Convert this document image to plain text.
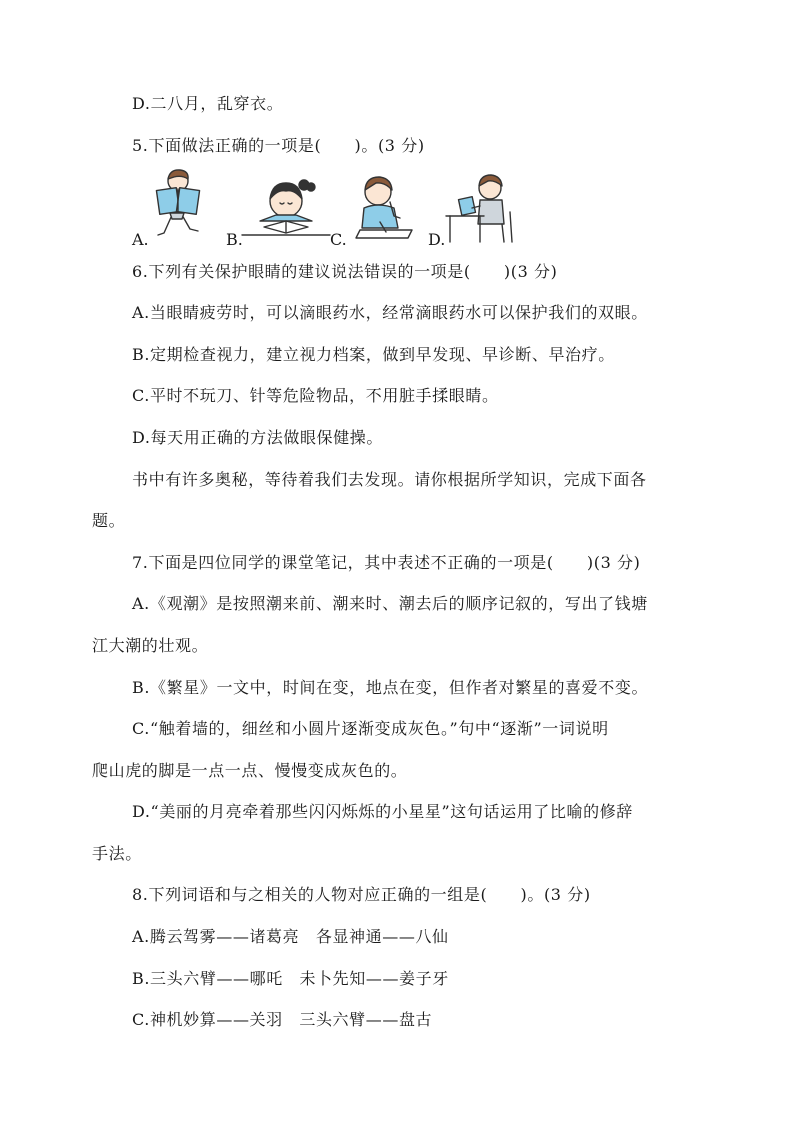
D.二八月，乱穿衣。
5.下面做法正确的一项是(　　)。(3 分)
A.	B.	C.	D.
6.下列有关保护眼睛的建议说法错误的一项是(　　)(3 分)
A.当眼睛疲劳时，可以滴眼药水，经常滴眼药水可以保护我们的双眼。
B.定期检查视力，建立视力档案，做到早发现、早诊断、早治疗。
C.平时不玩刀、针等危险物品，不用脏手揉眼睛。
D.每天用正确的方法做眼保健操。
书中有许多奥秘，等待着我们去发现。请你根据所学知识，完成下面各
题。
7.下面是四位同学的课堂笔记，其中表述不正确的一项是(　　)(3 分)
A.《观潮》是按照潮来前、潮来时、潮去后的顺序记叙的，写出了钱塘
江大潮的壮观。
B.《繁星》一文中，时间在变，地点在变，但作者对繁星的喜爱不变。
C.“触着墙的，细丝和小圆片逐渐变成灰色。”句中“逐渐”一词说明
爬山虎的脚是一点一点、慢慢变成灰色的。
D.“美丽的月亮牵着那些闪闪烁烁的小星星”这句话运用了比喻的修辞
手法。
8.下列词语和与之相关的人物对应正确的一组是(　　)。(3 分)
A.腾云驾雾——诸葛亮　各显神通——八仙
B.三头六臂——哪吒　未卜先知——姜子牙
C.神机妙算——关羽　三头六臂——盘古
